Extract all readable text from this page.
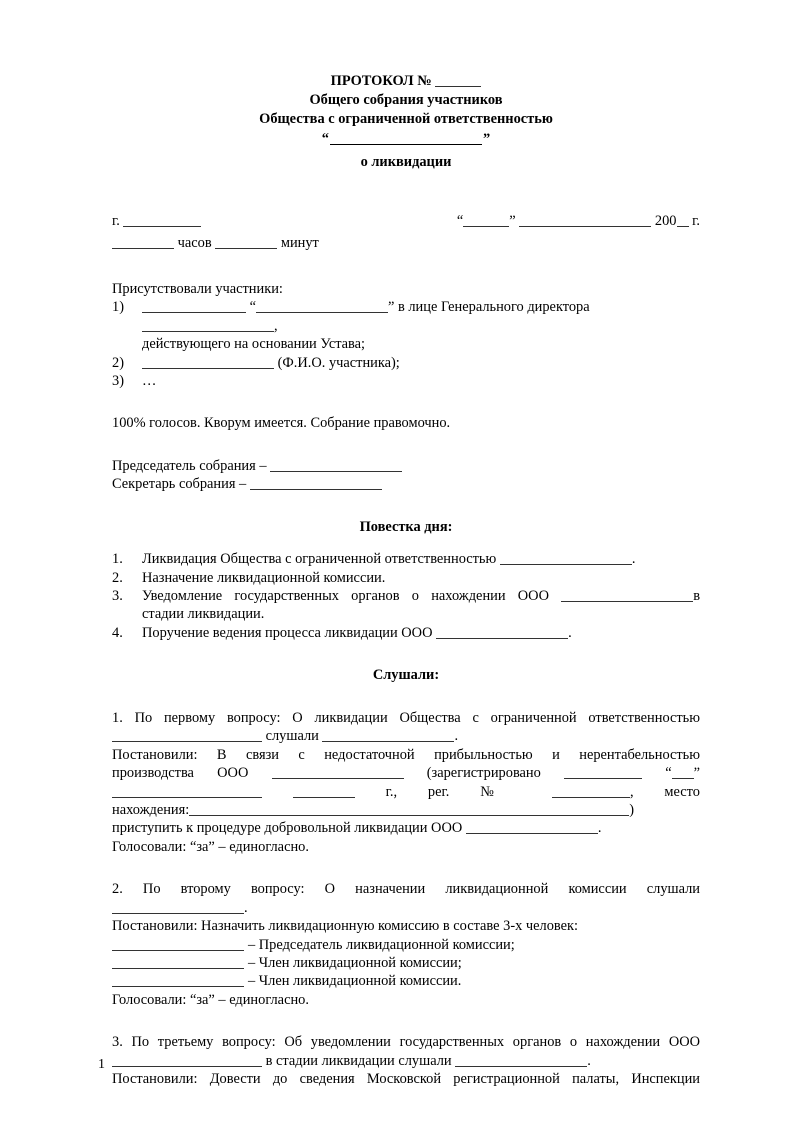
ПРОТОКОЛ №
Общего собрания участников
Общества с ограниченной ответственностью
“	”
о ликвидации
г.
часов	минут
“	”	200 г.

Присутствовали участники:

1)	“	” в лице Генерального директора ,
действующего на основании Устава;
2)	(Ф.И.О. участника);
3) …

100% голосов. Кворум имеется. Собрание правомочно.

Председатель собрания –

Секретарь собрания –

Повестка дня:

1. Ликвидация Общества с ограниченной ответственностью	.
2. Назначение ликвидационной комиссии.
3. Уведомление государственных органов о нахождении ООО	в
стадии ликвидации.
4. Поручение ведения процесса ликвидации ООО	.

Слушали:

1. По первому вопросу: О ликвидации Общества с ограниченной ответственностью

слушали	.

Постановили: В связи с недостаточной прибыльностью и нерентабельностью

производства ООО	(зарегистрировано	“ ”

г., рег. №	, место

нахождения:	)

приступить к процедуре добровольной ликвидации ООО	.

Голосовали: “за” – единогласно.

2. По второму вопросу: О назначении ликвидационной комиссии слушали

.

Постановили: Назначить ликвидационную комиссию в составе 3-х человек:

– Председатель ликвидационной комиссии;
– Член ликвидационной комиссии;
– Член ликвидационной комиссии.

Голосовали: “за” – единогласно.

3. По третьему вопросу: Об уведомлении государственных органов о нахождении ООО

в стадии ликвидации слушали	.

Постановили: Довести до сведения Московской регистрационной палаты, Инспекции

1
